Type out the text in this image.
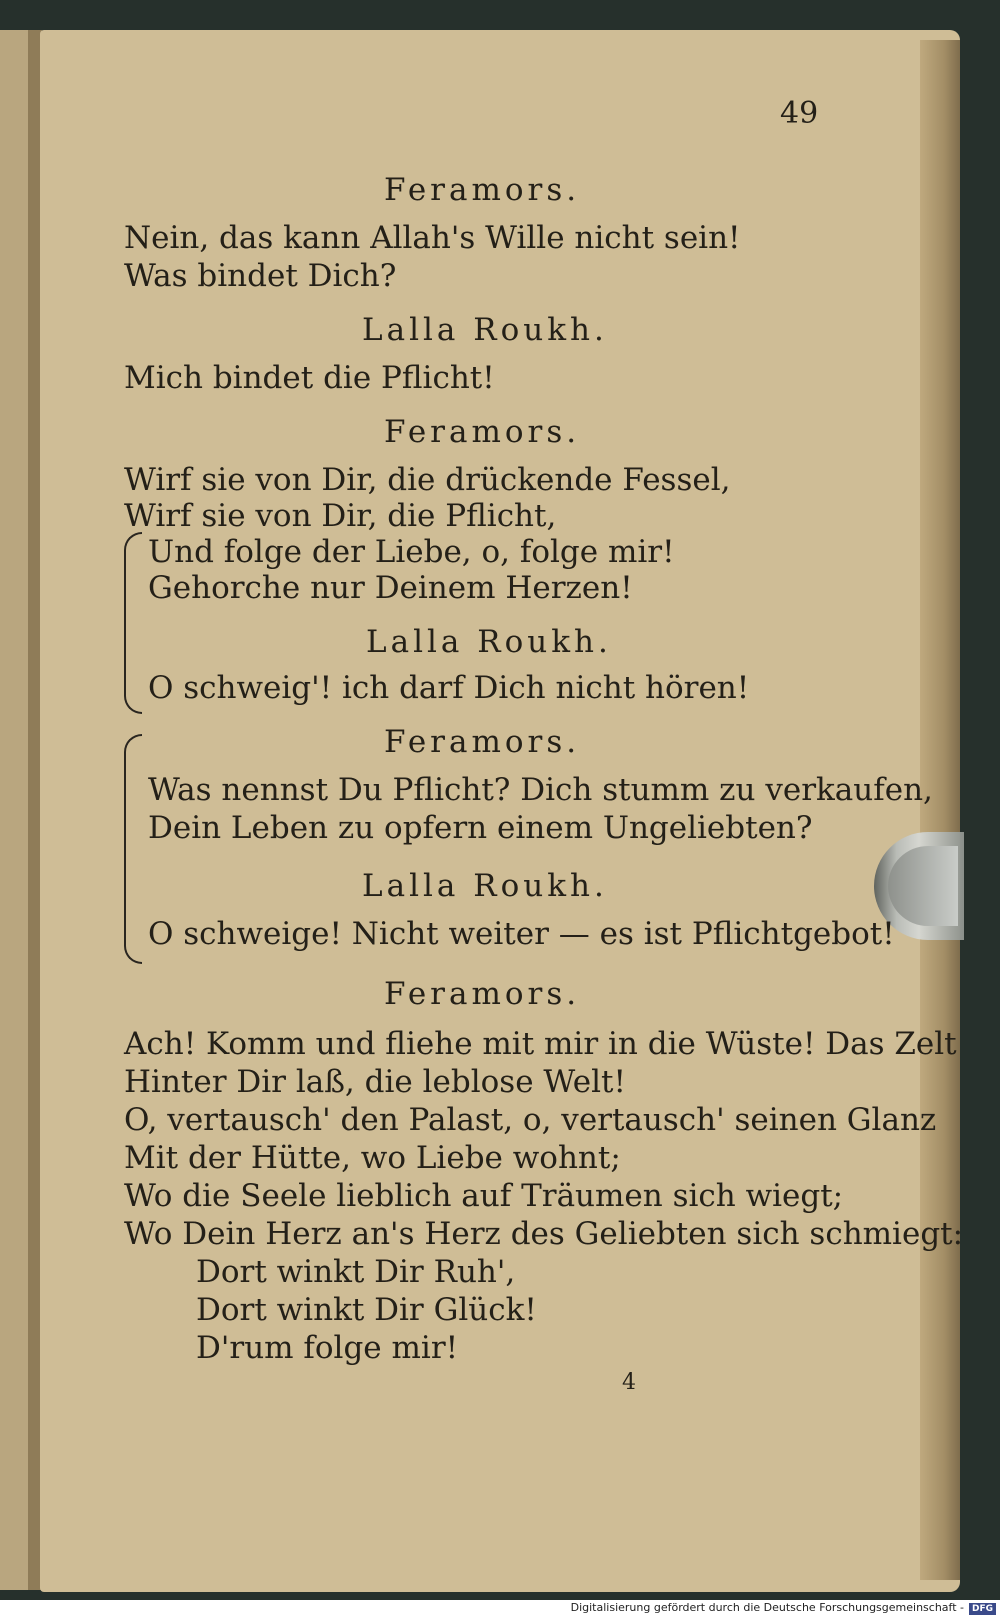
49
Feramors.
Nein, das kann Allah's Wille nicht sein!
Was bindet Dich?
Lalla Roukh.
Mich bindet die Pflicht!
Feramors.
Wirf sie von Dir, die drückende Fessel,
Wirf sie von Dir, die Pflicht,
Und folge der Liebe, o, folge mir!
Gehorche nur Deinem Herzen!
Lalla Roukh.
O schweig'! ich darf Dich nicht hören!
Feramors.
Was nennst Du Pflicht? Dich stumm zu verkaufen,
Dein Leben zu opfern einem Ungeliebten?
Lalla Roukh.
O schweige! Nicht weiter — es ist Pflichtgebot!
Feramors.
Ach! Komm und fliehe mit mir in die Wüste! Das Zelt
Hinter Dir laß, die leblose Welt!
O, vertausch' den Palast, o, vertausch' seinen Glanz
Mit der Hütte, wo Liebe wohnt;
Wo die Seele lieblich auf Träumen sich wiegt;
Wo Dein Herz an's Herz des Geliebten sich schmiegt:
Dort winkt Dir Ruh',
Dort winkt Dir Glück!
D'rum folge mir!
4
Digitalisierung gefördert durch die Deutsche Forschungsgemeinschaft - DFG
